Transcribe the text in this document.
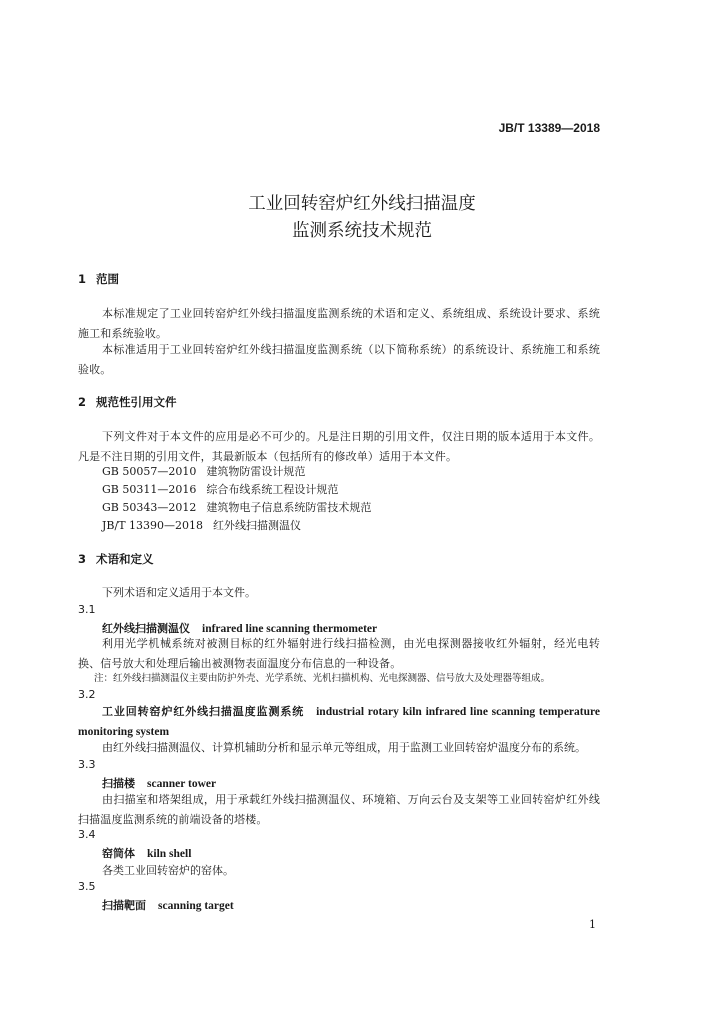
JB/T 13389—2018
工业回转窑炉红外线扫描温度
监测系统技术规范
1 范围
本标准规定了工业回转窑炉红外线扫描温度监测系统的术语和定义、系统组成、系统设计要求、系统施工和系统验收。
本标准适用于工业回转窑炉红外线扫描温度监测系统（以下简称系统）的系统设计、系统施工和系统验收。
2 规范性引用文件
下列文件对于本文件的应用是必不可少的。凡是注日期的引用文件，仅注日期的版本适用于本文件。凡是不注日期的引用文件，其最新版本（包括所有的修改单）适用于本文件。
GB 50057—2010 建筑物防雷设计规范
GB 50311—2016 综合布线系统工程设计规范
GB 50343—2012 建筑物电子信息系统防雷技术规范
JB/T 13390—2018 红外线扫描测温仪
3 术语和定义
下列术语和定义适用于本文件。
3.1
红外线扫描测温仪 infrared line scanning thermometer
利用光学机械系统对被测目标的红外辐射进行线扫描检测，由光电探测器接收红外辐射，经光电转换、信号放大和处理后输出被测物表面温度分布信息的一种设备。
注：红外线扫描测温仪主要由防护外壳、光学系统、光机扫描机构、光电探测器、信号放大及处理器等组成。
3.2
工业回转窑炉红外线扫描温度监测系统 industrial rotary kiln infrared line scanning temperature monitoring system
由红外线扫描测温仪、计算机辅助分析和显示单元等组成，用于监测工业回转窑炉温度分布的系统。
3.3
扫描楼 scanner tower
由扫描室和塔架组成，用于承载红外线扫描测温仪、环境箱、万向云台及支架等工业回转窑炉红外线扫描温度监测系统的前端设备的塔楼。
3.4
窑筒体 kiln shell
各类工业回转窑炉的窑体。
3.5
扫描靶面 scanning target
1
